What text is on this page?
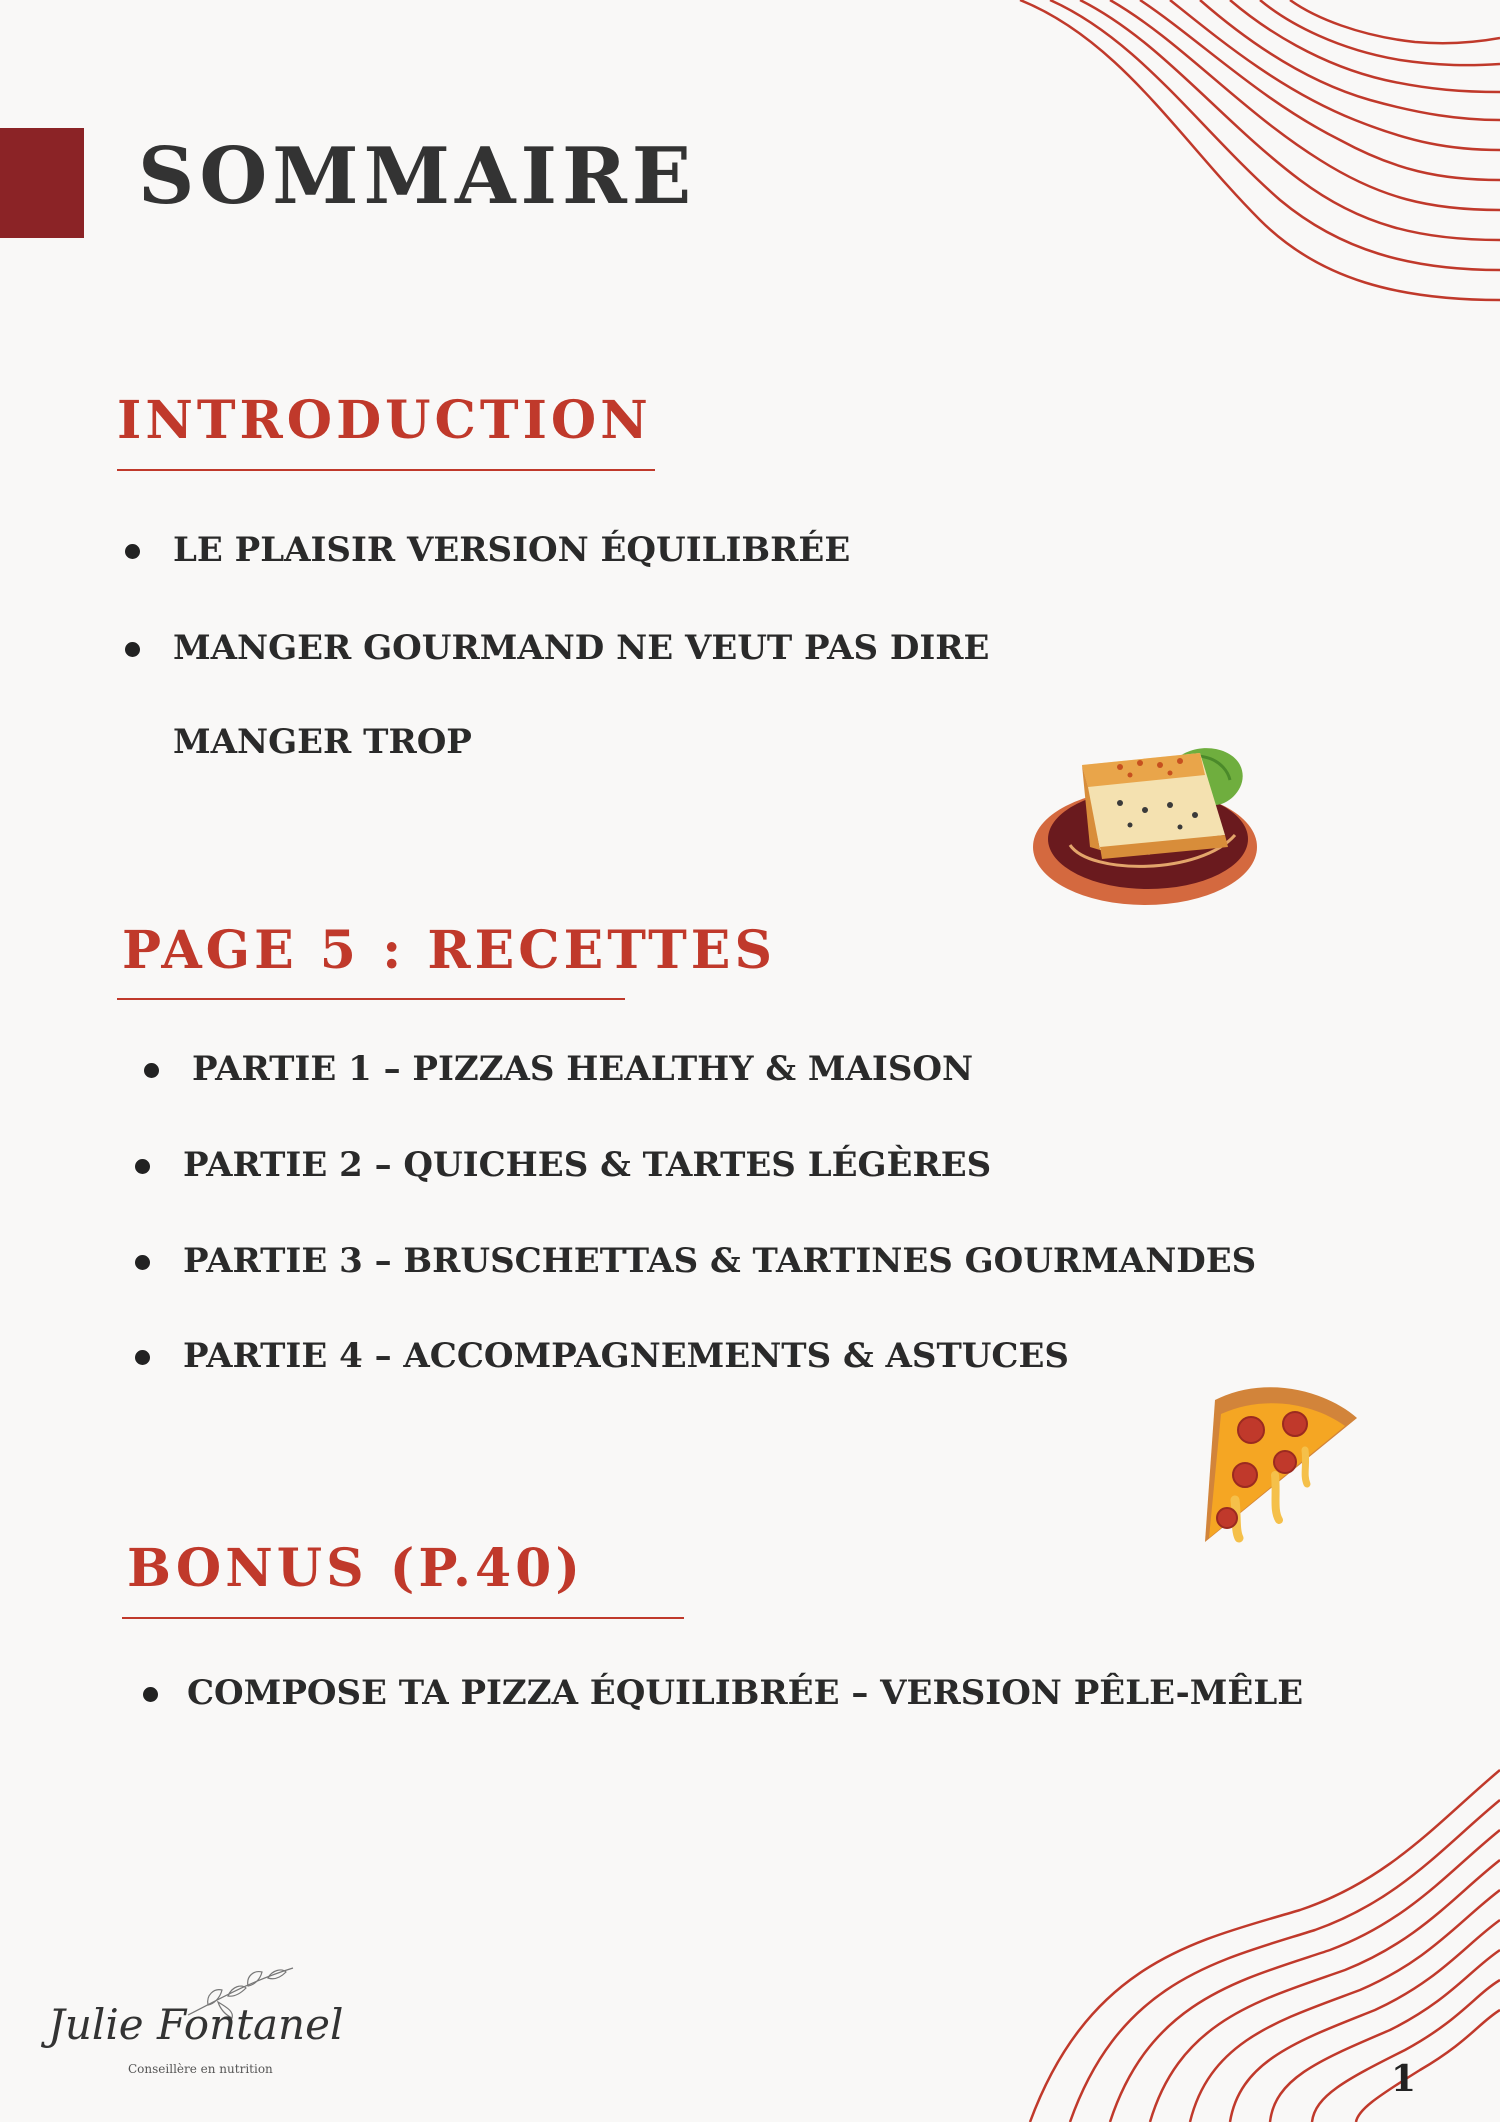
SOMMAIRE
INTRODUCTION
LE PLAISIR VERSION ÉQUILIBRÉE
MANGER GOURMAND NE VEUT PAS DIRE
MANGER TROP
PAGE 5 : RECETTES
PARTIE 1 – PIZZAS HEALTHY & MAISON
PARTIE 2 – QUICHES & TARTES LÉGÈRES
PARTIE 3 – BRUSCHETTAS & TARTINES GOURMANDES
PARTIE 4 – ACCOMPAGNEMENTS & ASTUCES
BONUS (P.40)
COMPOSE TA PIZZA ÉQUILIBRÉE – VERSION PÊLE-MÊLE
Julie Fontanel
Conseillère en nutrition	1
